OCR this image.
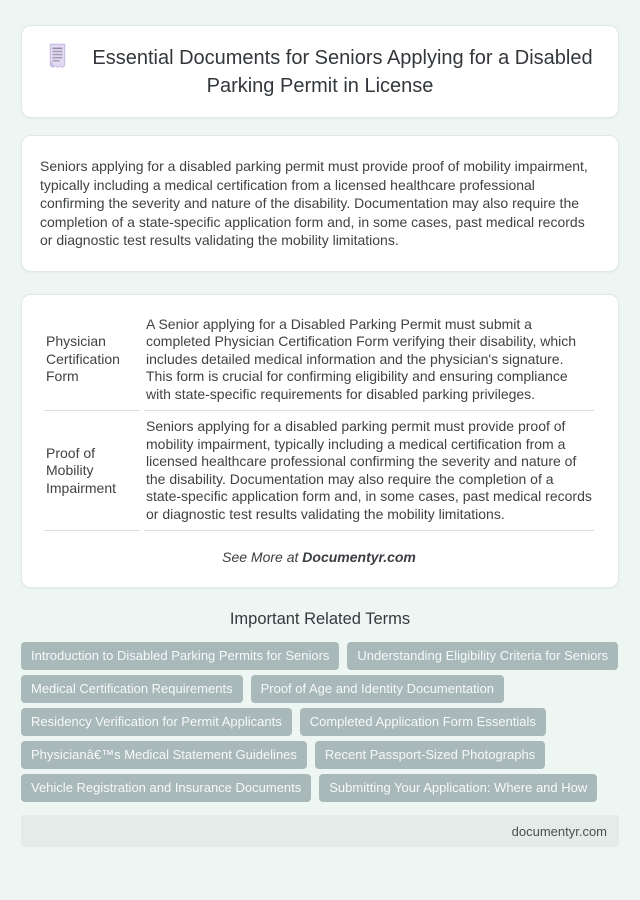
Essential Documents for Seniors Applying for a Disabled Parking Permit in License

Seniors applying for a disabled parking permit must provide proof of mobility impairment, typically including a medical certification from a licensed healthcare professional confirming the severity and nature of the disability. Documentation may also require the completion of a state-specific application form and, in some cases, past medical records or diagnostic test results validating the mobility limitations.

Physician Certification Form	A Senior applying for a Disabled Parking Permit must submit a completed Physician Certification Form verifying their disability, which includes detailed medical information and the physician's signature. This form is crucial for confirming eligibility and ensuring compliance with state-specific requirements for disabled parking privileges.
Proof of Mobility Impairment	Seniors applying for a disabled parking permit must provide proof of mobility impairment, typically including a medical certification from a licensed healthcare professional confirming the severity and nature of the disability. Documentation may also require the completion of a state-specific application form and, in some cases, past medical records or diagnostic test results validating the mobility limitations.

See More at Documentyr.com

Important Related Terms
Introduction to Disabled Parking Permits for Seniors	Understanding Eligibility Criteria for Seniors
Medical Certification Requirements	Proof of Age and Identity Documentation
Residency Verification for Permit Applicants	Completed Application Form Essentials
Physicianâ€™s Medical Statement Guidelines	Recent Passport-Sized Photographs
Vehicle Registration and Insurance Documents	Submitting Your Application: Where and How
documentyr.com
